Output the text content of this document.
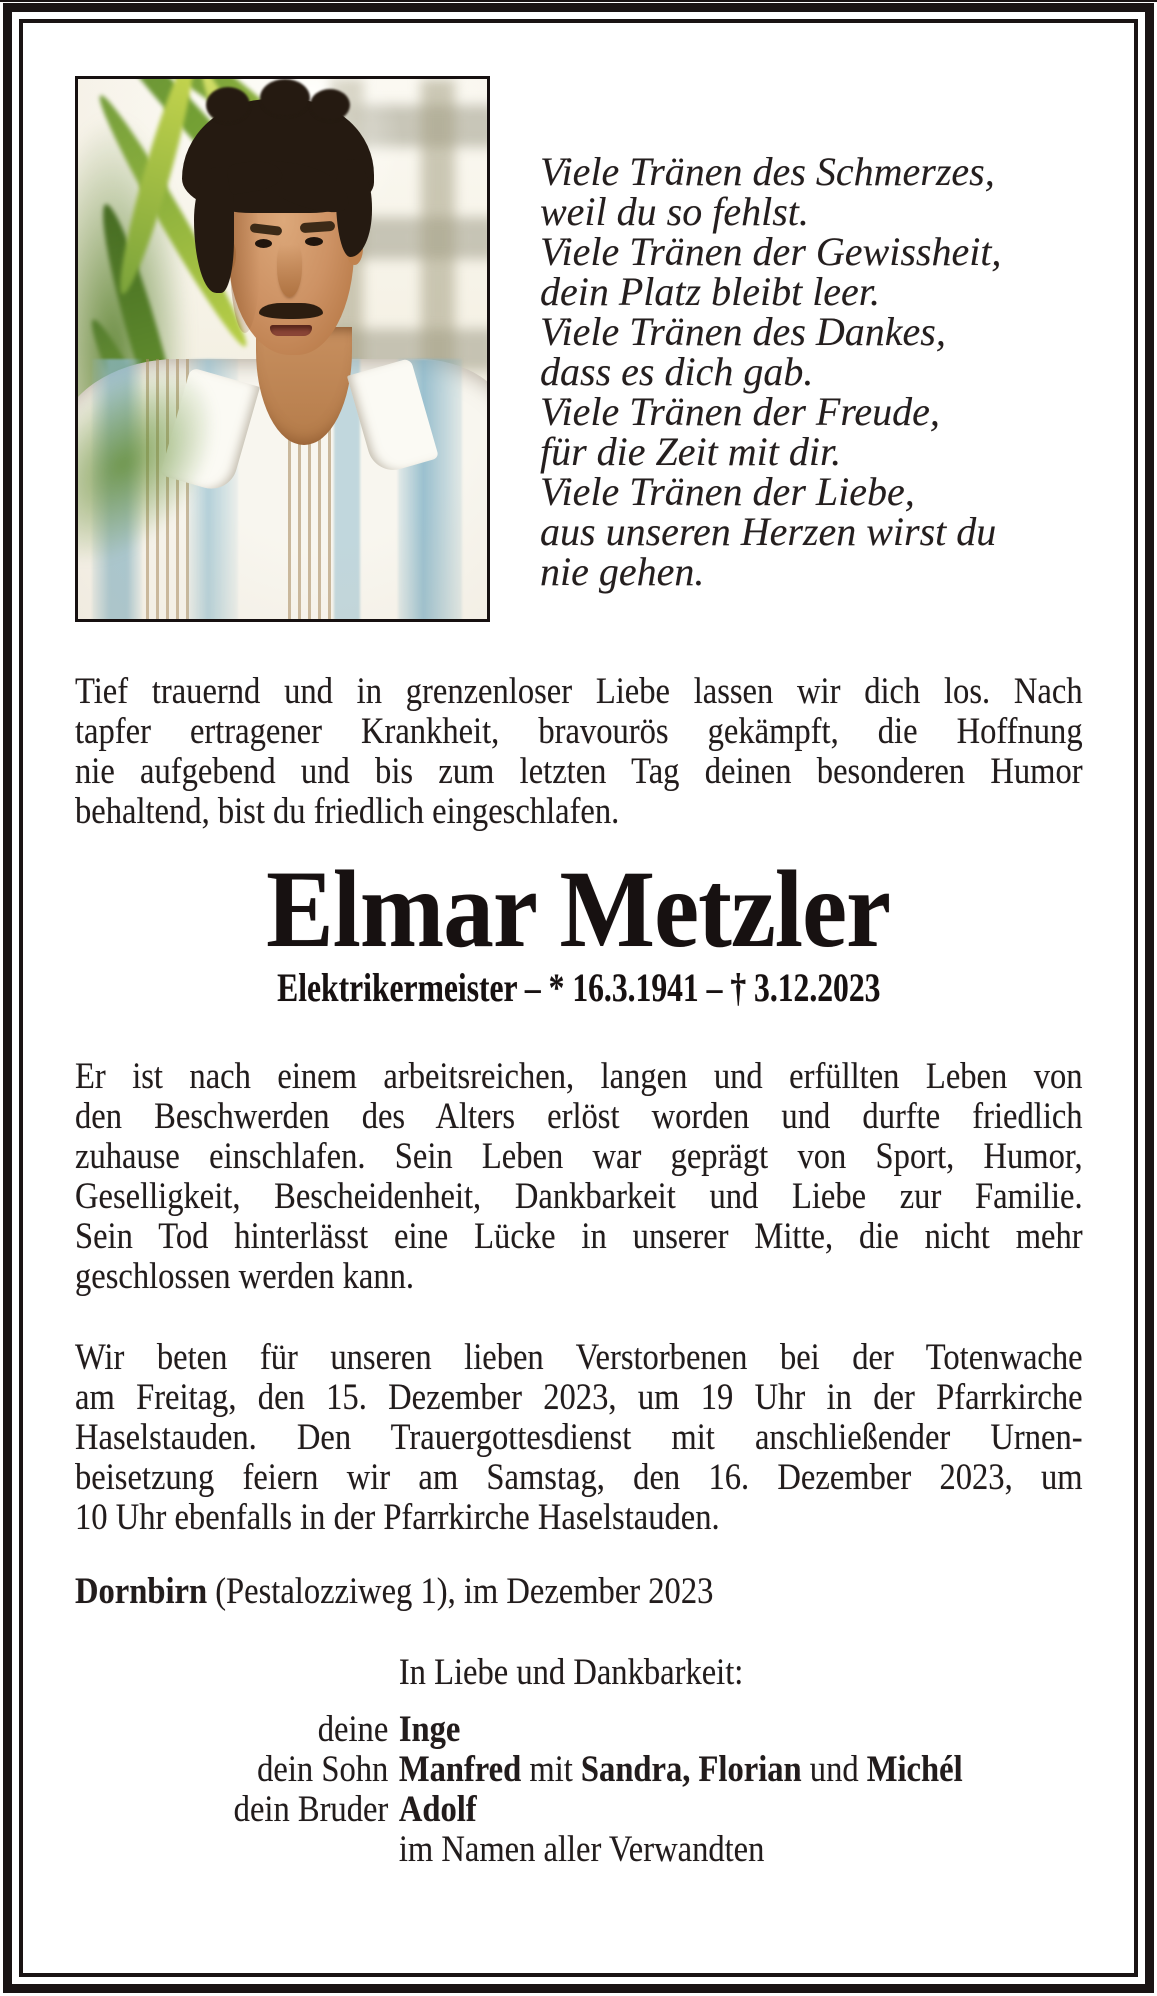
Viele Tränen des Schmerzes,
weil du so fehlst.
Viele Tränen der Gewissheit,
dein Platz bleibt leer.
Viele Tränen des Dankes,
dass es dich gab.
Viele Tränen der Freude,
für die Zeit mit dir.
Viele Tränen der Liebe,
aus unseren Herzen wirst du
nie gehen.
Tief trauernd und in grenzenloser Liebe lassen wir dich los. Nach
tapfer ertragener Krankheit, bravourös gekämpft, die Hoffnung
nie aufgebend und bis zum letzten Tag deinen besonderen Humor
behaltend, bist du friedlich eingeschlafen.
Elmar Metzler
Elektrikermeister – * 16.3.1941 – † 3.12.2023
Er ist nach einem arbeitsreichen, langen und erfüllten Leben von
den Beschwerden des Alters erlöst worden und durfte friedlich
zuhause einschlafen. Sein Leben war geprägt von Sport, Humor,
Geselligkeit, Bescheidenheit, Dankbarkeit und Liebe zur Familie.
Sein Tod hinterlässt eine Lücke in unserer Mitte, die nicht mehr
geschlossen werden kann.
Wir beten für unseren lieben Verstorbenen bei der Totenwache
am Freitag, den 15. Dezember 2023, um 19 Uhr in der Pfarrkirche
Haselstauden. Den Trauergottesdienst mit anschließender Urnen-
beisetzung feiern wir am Samstag, den 16. Dezember 2023, um
10 Uhr ebenfalls in der Pfarrkirche Haselstauden.
Dornbirn (Pestalozziweg 1), im Dezember 2023
In Liebe und Dankbarkeit:
deine Inge
dein Sohn Manfred mit Sandra, Florian und Michél
dein Bruder Adolf
im Namen aller Verwandten
